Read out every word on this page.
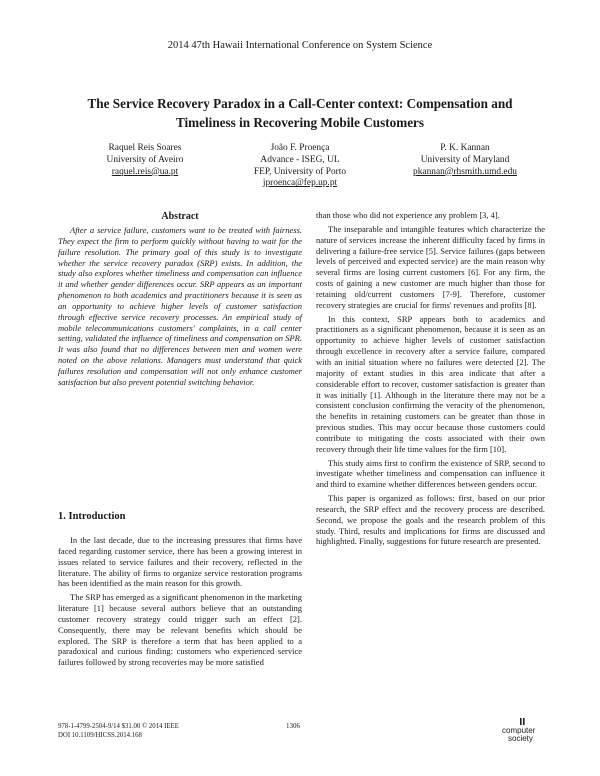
2014 47th Hawaii International Conference on System Science
The Service Recovery Paradox in a Call-Center context: Compensation and Timeliness in Recovering Mobile Customers
Raquel Reis Soares
University of Aveiro
raquel.reis@ua.pt
João F. Proença
Advance - ISEG, UL
FEP, University of Porto
jproenca@fep.up.pt
P. K. Kannan
University of Maryland
pkannan@rhsmith.umd.edu
Abstract

After a service failure, customers want to be treated with fairness. They expect the firm to perform quickly without having to wait for the failure resolution. The primary goal of this study is to investigate whether the service recovery paradox (SRP) exists. In addition, the study also explores whether timeliness and compensation can influence it and whether gender differences occur. SRP appears as an important phenomenon to both academics and practitioners because it is seen as an opportunity to achieve higher levels of customer satisfaction through effective service recovery processes. An empirical study of mobile telecommunications customers' complaints, in a call center setting, validated the influence of timeliness and compensation on SPR. It was also found that no differences between men and women were noted on the above relations. Managers must understand that quick failures resolution and compensation will not only enhance customer satisfaction but also prevent potential switching behavior.

1. Introduction

In the last decade, due to the increasing pressures that firms have faced regarding customer service, there has been a growing interest in issues related to service failures and their recovery, reflected in the literature. The ability of firms to organize service restoration programs has been identified as the main reason for this growth.

The SRP has emerged as a significant phenomenon in the marketing literature [1] because several authors believe that an outstanding customer recovery strategy could trigger such an effect [2]. Consequently, there may be relevant benefits which should be explored. The SRP is therefore a term that has been applied to a paradoxical and curious finding: customers who experienced service failures followed by strong recoveries may be more satisfied

than those who did not experience any problem [3, 4].

The inseparable and intangible features which characterize the nature of services increase the inherent difficulty faced by firms in delivering a failure-free service [5]. Service failures (gaps between levels of perceived and expected service) are the main reason why several firms are losing current customers [6]. For any firm, the costs of gaining a new customer are much higher than those for retaining old/current customers [7-9]. Therefore, customer recovery strategies are crucial for firms' revenues and profits [8].

In this context, SRP appears both to academics and practitioners as a significant phenomenon, because it is seen as an opportunity to achieve higher levels of customer satisfaction through excellence in recovery after a service failure, compared with an initial situation where no failures were detected [2]. The majority of extant studies in this area indicate that after a considerable effort to recover, customer satisfaction is greater than it was initially [1]. Although in the literature there may not be a consistent conclusion confirming the veracity of the phenomenon, the benefits in retaining customers can be greater than those in previous studies. This may occur because those customers could contribute to mitigating the costs associated with their own recovery through their life time values for the firm [10].

This study aims first to confirm the existence of SRP, second to investigate whether timeliness and compensation can influence it and third to examine whether differences between genders occur.

This paper is organized as follows: first, based on our prior research, the SRP effect and the recovery process are described. Second, we propose the goals and the research problem of this study. Third, results and implications for firms are discussed and highlighted. Finally, suggestions for future research are presented.

978-1-4799-2504-9/14 $31.00 © 2014 IEEE
DOI 10.1109/HICSS.2014.168
1306	computer
society
